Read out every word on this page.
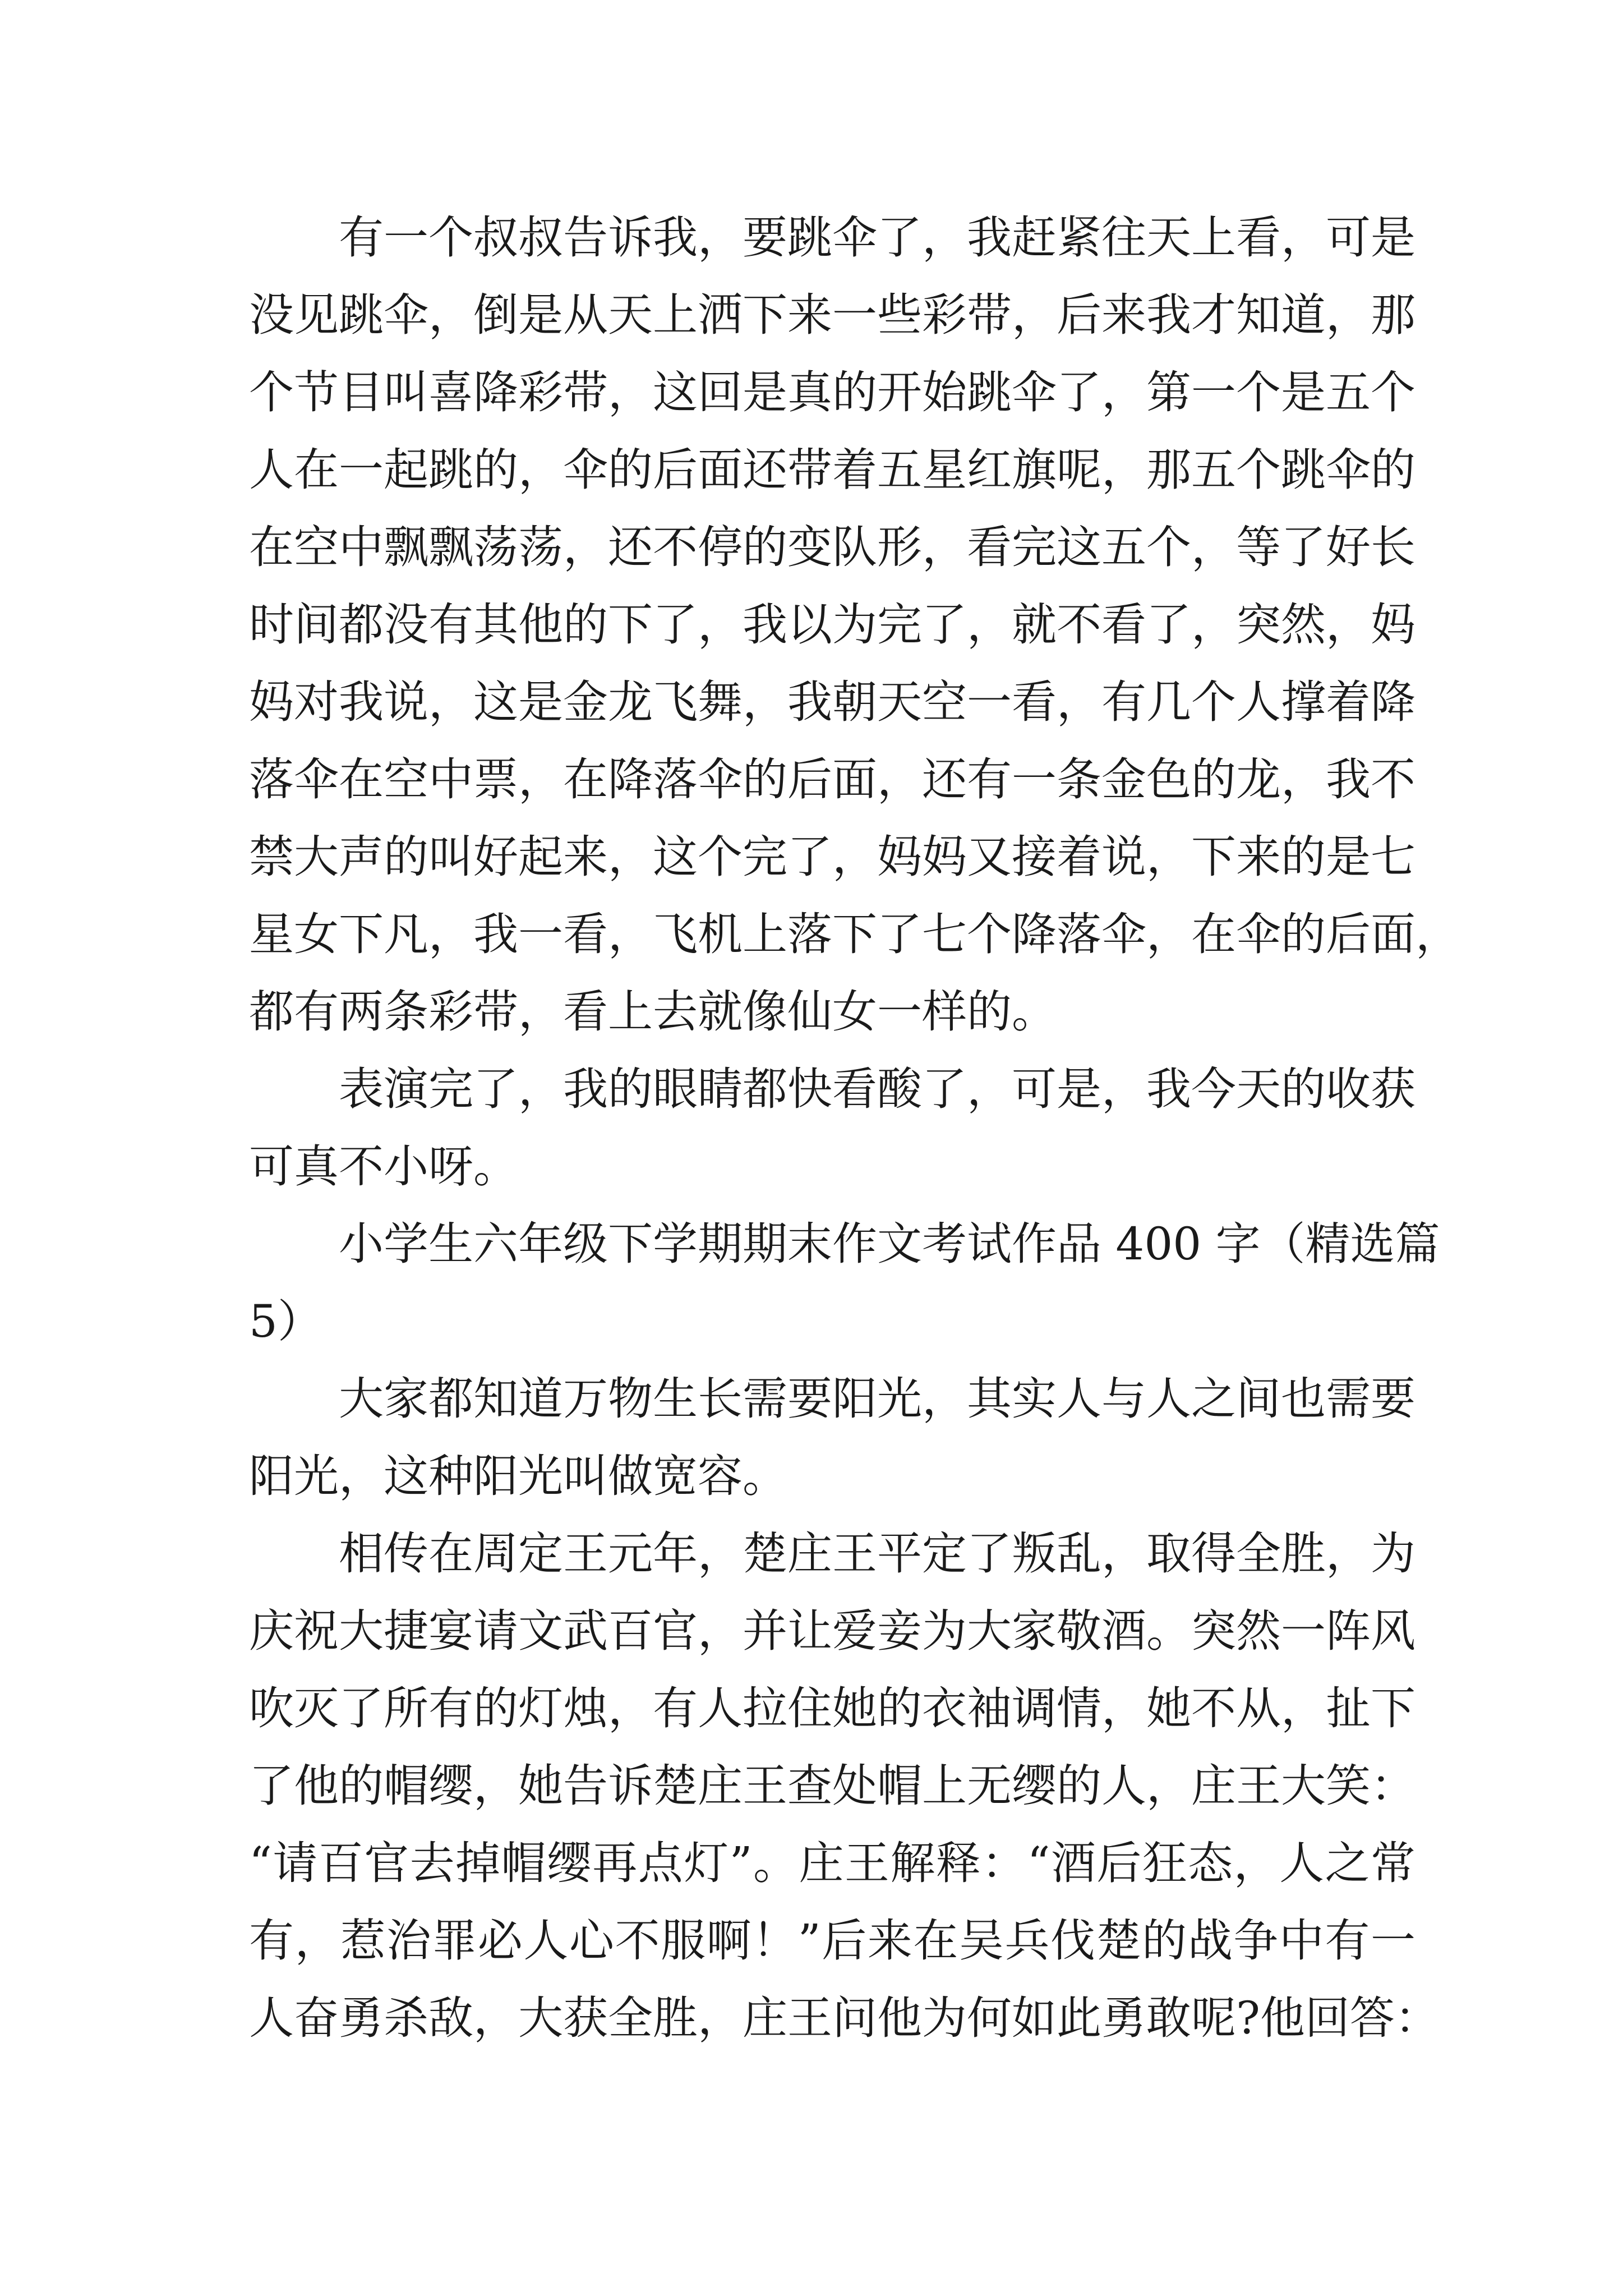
有一个叔叔告诉我，要跳伞了，我赶紧往天上看，可是
没见跳伞，倒是从天上洒下来一些彩带，后来我才知道，那
个节目叫喜降彩带，这回是真的开始跳伞了，第一个是五个
人在一起跳的，伞的后面还带着五星红旗呢，那五个跳伞的
在空中飘飘荡荡，还不停的变队形，看完这五个，等了好长
时间都没有其他的下了，我以为完了，就不看了，突然，妈
妈对我说，这是金龙飞舞，我朝天空一看，有几个人撑着降
落伞在空中票，在降落伞的后面，还有一条金色的龙，我不
禁大声的叫好起来，这个完了，妈妈又接着说，下来的是七
星女下凡，我一看，飞机上落下了七个降落伞，在伞的后面，
都有两条彩带，看上去就像仙女一样的。
表演完了，我的眼睛都快看酸了，可是，我今天的收获
可真不小呀。
小学生六年级下学期期末作文考试作品 400 字（精选篇
5）
大家都知道万物生长需要阳光，其实人与人之间也需要
阳光，这种阳光叫做宽容。
相传在周定王元年，楚庄王平定了叛乱，取得全胜，为
庆祝大捷宴请文武百官，并让爱妾为大家敬酒。突然一阵风
吹灭了所有的灯烛，有人拉住她的衣袖调情，她不从，扯下
了他的帽缨，她告诉楚庄王查处帽上无缨的人，庄王大笑：
“请百官去掉帽缨再点灯”。庄王解释：“酒后狂态，人之常
有，惹治罪必人心不服啊！”后来在吴兵伐楚的战争中有一
人奋勇杀敌，大获全胜，庄王问他为何如此勇敢呢?他回答：
